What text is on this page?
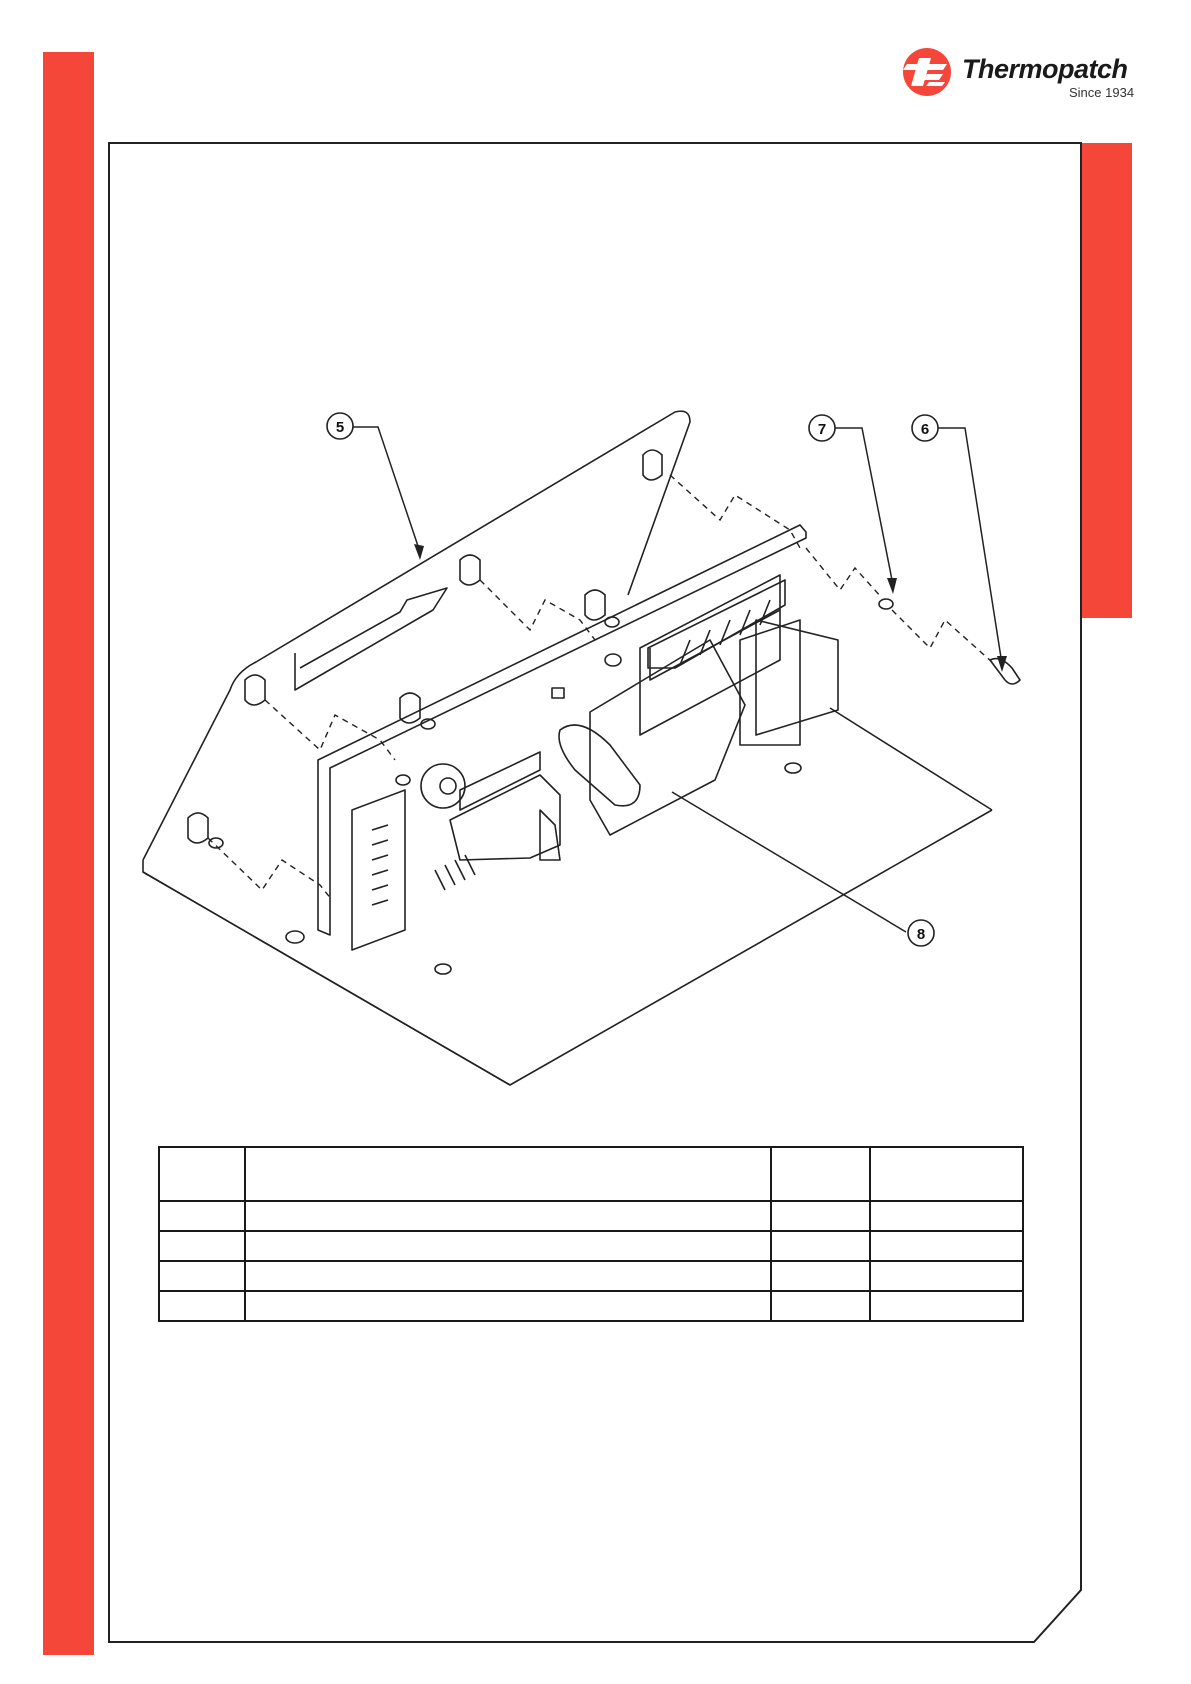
Thermopatch
Since 1934
5	7	6
8
